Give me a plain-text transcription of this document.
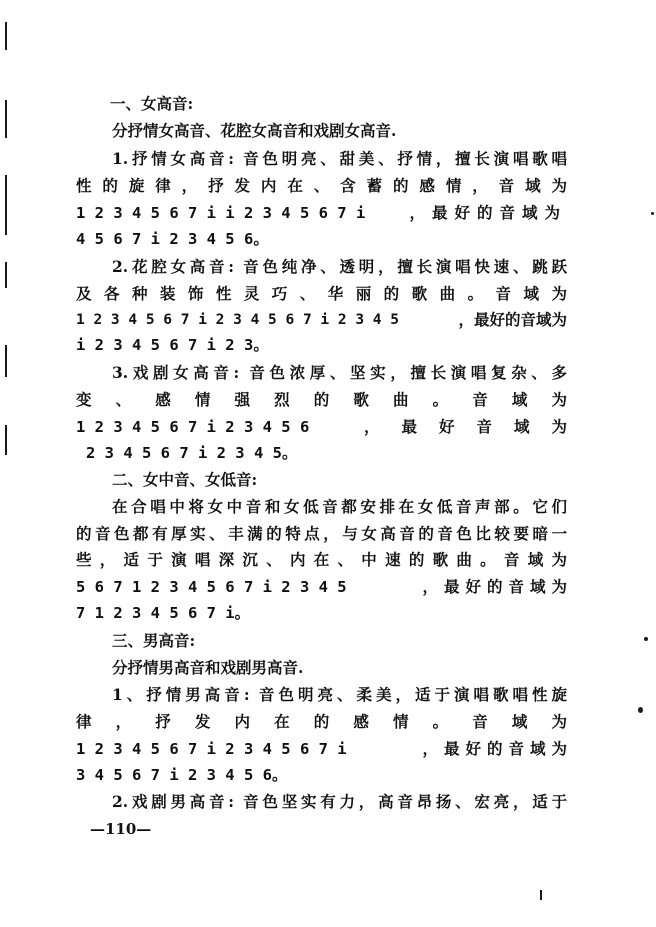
一、女高音:
分抒情女高音、花腔女高音和戏剧女高音.
1.抒情女高音: 音色明亮、甜美、抒情，擅长演唱歌唱
性的旋律，抒发内在、含蓄的感情，音域为
1 2 3 4 5 6 7 i i 2 3 4 5 6 7 i	，最好的音域为
4 5 6 7 i 2 3 4 5 6。
2.花腔女高音: 音色纯净、透明，擅长演唱快速、跳跃
及各种装饰性灵巧、华丽的歌曲。音域为
1 2 3 4 5 6 7 i 2 3 4 5 6 7 i 2 3 4 5	，最好的音域为
i 2 3 4 5 6 7 i 2 3。
3.戏剧女高音: 音色浓厚、坚实，擅长演唱复杂、多
变、感情强烈的歌曲。音域为
1 2 3 4 5 6 7 i 2 3 4 5 6	，最好音域为
2 3 4 5 6 7 i 2 3 4 5。
二、女中音、女低音:
在合唱中将女中音和女低音都安排在女低音声部。它们
的音色都有厚实、丰满的特点，与女高音的音色比较要暗一
些，适于演唱深沉、内在、中速的歌曲。音域为
5 6 7 1 2 3 4 5 6 7 i 2 3 4 5	，最好的音域为
7 1 2 3 4 5 6 7 i。
三、男高音:
分抒情男高音和戏剧男高音.
1、抒情男高音: 音色明亮、柔美，适于演唱歌唱性旋
律，抒发内在的感情。音域为
1 2 3 4 5 6 7 i 2 3 4 5 6 7 i	，最好的音域为
3 4 5 6 7 i 2 3 4 5 6。
2.戏剧男高音: 音色坚实有力，高音昂扬、宏亮，适于
—110—
